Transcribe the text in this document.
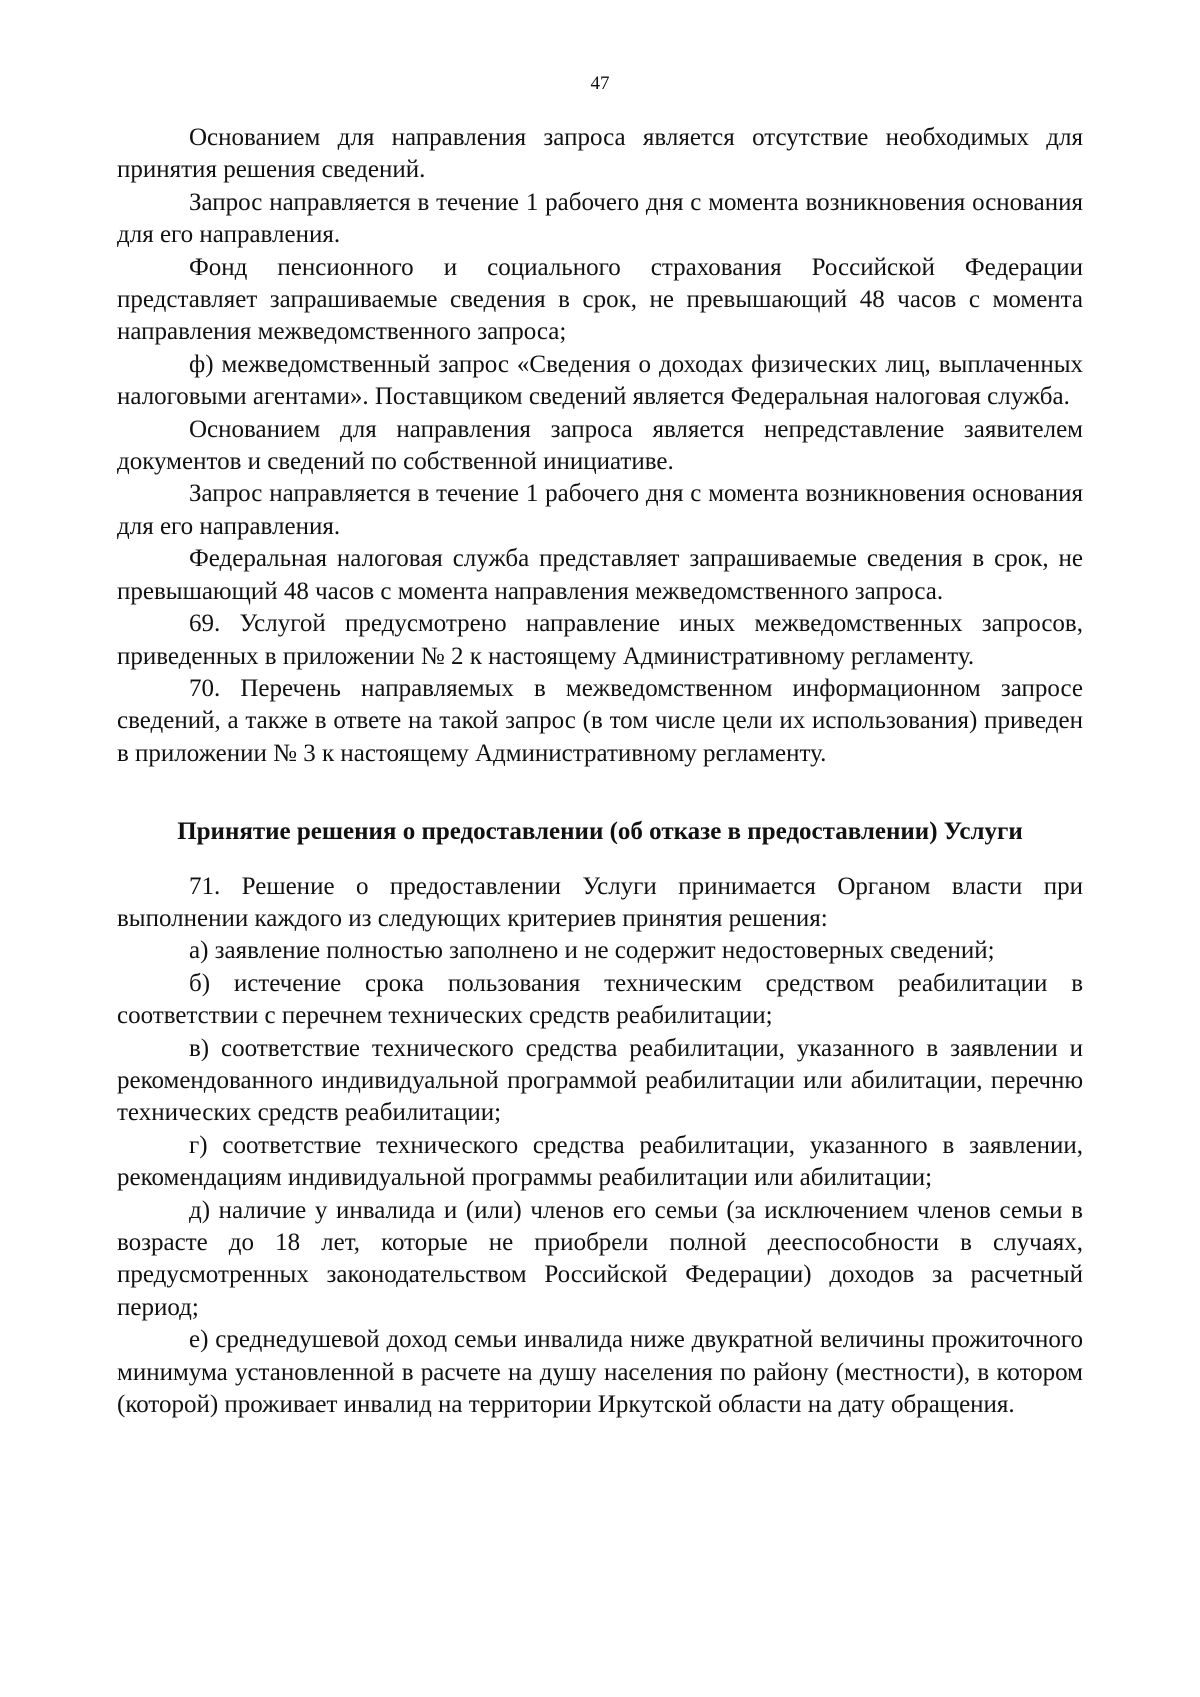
47

Основанием для направления запроса является отсутствие необходимых для принятия решения сведений.

Запрос направляется в течение 1 рабочего дня с момента возникновения основания для его направления.

Фонд пенсионного и социального страхования Российской Федерации представляет запрашиваемые сведения в срок, не превышающий 48 часов с момента направления межведомственного запроса;

ф) межведомственный запрос «Сведения о доходах физических лиц, выплаченных налоговыми агентами». Поставщиком сведений является Федеральная налоговая служба.

Основанием для направления запроса является непредставление заявителем документов и сведений по собственной инициативе.

Запрос направляется в течение 1 рабочего дня с момента возникновения основания для его направления.

Федеральная налоговая служба представляет запрашиваемые сведения в срок, не превышающий 48 часов с момента направления межведомственного запроса.

69. Услугой предусмотрено направление иных межведомственных запросов, приведенных в приложении № 2 к настоящему Административному регламенту.

70. Перечень направляемых в межведомственном информационном запросе сведений, а также в ответе на такой запрос (в том числе цели их использования) приведен в приложении № 3 к настоящему Административному регламенту.

Принятие решения о предоставлении (об отказе в предоставлении) Услуги

71. Решение о предоставлении Услуги принимается Органом власти при выполнении каждого из следующих критериев принятия решения:

а) заявление полностью заполнено и не содержит недостоверных сведений;

б) истечение срока пользования техническим средством реабилитации в соответствии с перечнем технических средств реабилитации;

в) соответствие технического средства реабилитации, указанного в заявлении и рекомендованного индивидуальной программой реабилитации или абилитации, перечню технических средств реабилитации;

г) соответствие технического средства реабилитации, указанного в заявлении, рекомендациям индивидуальной программы реабилитации или абилитации;

д) наличие у инвалида и (или) членов его семьи (за исключением членов семьи в возрасте до 18 лет, которые не приобрели полной дееспособности в случаях, предусмотренных законодательством Российской Федерации) доходов за расчетный период;

е) среднедушевой доход семьи инвалида ниже двукратной величины прожиточного минимума установленной в расчете на душу населения по району (местности), в котором (которой) проживает инвалид на территории Иркутской области на дату обращения.
